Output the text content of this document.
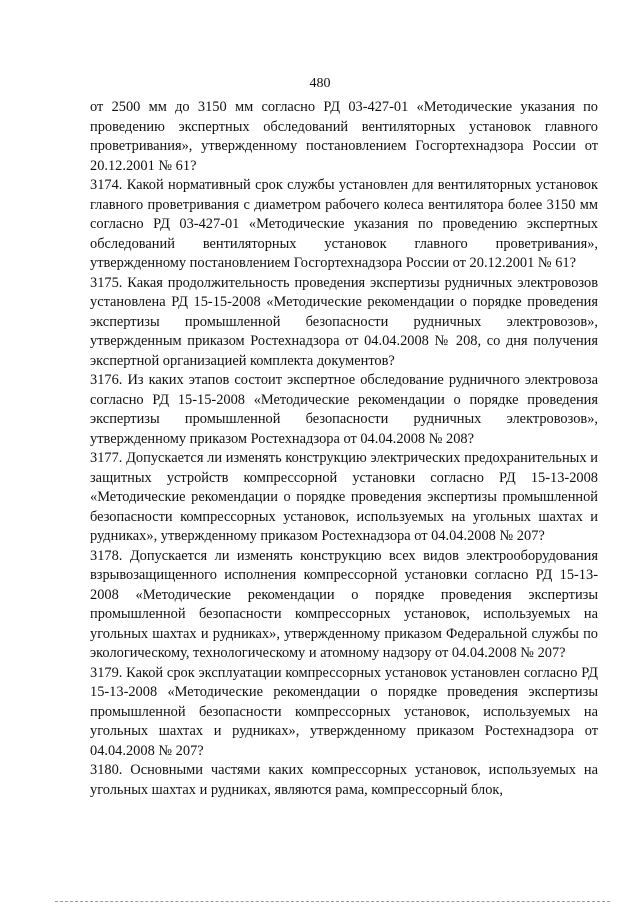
480

от 2500 мм до 3150 мм согласно РД 03-427-01 «Методические указания по проведению экспертных обследований вентиляторных установок главного проветривания», утвержденному постановлением Госгортехнадзора России от 20.12.2001 № 61?

3174. Какой нормативный срок службы установлен для вентиляторных установок главного проветривания с диаметром рабочего колеса вентилятора более 3150 мм согласно РД 03-427-01 «Методические указания по проведению экспертных обследований вентиляторных установок главного проветривания», утвержденному постановлением Госгортехнадзора России от 20.12.2001 № 61?

3175. Какая продолжительность проведения экспертизы рудничных электровозов установлена РД 15-15-2008 «Методические рекомендации о порядке проведения экспертизы промышленной безопасности рудничных электровозов», утвержденным приказом Ростехнадзора от 04.04.2008 № 208, со дня получения экспертной организацией комплекта документов?

3176. Из каких этапов состоит экспертное обследование рудничного электровоза согласно РД 15-15-2008 «Методические рекомендации о порядке проведения экспертизы промышленной безопасности рудничных электровозов», утвержденному приказом Ростехнадзора от 04.04.2008 № 208?

3177. Допускается ли изменять конструкцию электрических предохранительных и защитных устройств компрессорной установки согласно РД 15-13-2008 «Методические рекомендации о порядке проведения экспертизы промышленной безопасности компрессорных установок, используемых на угольных шахтах и рудниках», утвержденному приказом Ростехнадзора от 04.04.2008 № 207?

3178. Допускается ли изменять конструкцию всех видов электрооборудования взрывозащищенного исполнения компрессорной установки согласно РД 15-13-2008 «Методические рекомендации о порядке проведения экспертизы промышленной безопасности компрессорных установок, используемых на угольных шахтах и рудниках», утвержденному приказом Федеральной службы по экологическому, технологическому и атомному надзору от 04.04.2008 № 207?

3179. Какой срок эксплуатации компрессорных установок установлен согласно РД 15-13-2008 «Методические рекомендации о порядке проведения экспертизы промышленной безопасности компрессорных установок, используемых на угольных шахтах и рудниках», утвержденному приказом Ростехнадзора от 04.04.2008 № 207?

3180. Основными частями каких компрессорных установок, используемых на угольных шахтах и рудниках, являются рама, компрессорный блок,
